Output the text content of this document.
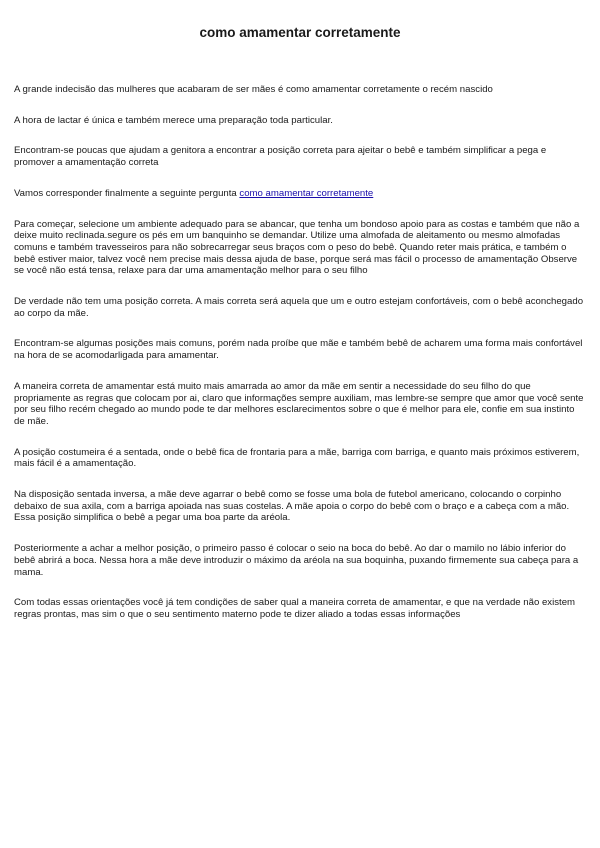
como amamentar corretamente

A grande indecisão das mulheres que acabaram de ser mães é como amamentar corretamente o recém nascido

A hora de lactar é única e também merece uma preparação toda particular.

Encontram-se poucas que ajudam a genitora a encontrar a posição correta para ajeitar o bebê e também simplificar a pega e promover a amamentação correta

Vamos corresponder finalmente a seguinte pergunta como amamentar corretamente

Para começar, selecione um ambiente adequado para se abancar, que tenha um bondoso apoio para as costas e também que não a deixe muito reclinada.segure os pés em um banquinho se demandar. Utilize uma almofada de aleitamento ou mesmo almofadas comuns e também travesseiros para não sobrecarregar seus braços com o peso do bebê. Quando reter mais prática, e também o bebê estiver maior, talvez você nem precise mais dessa ajuda de base, porque será mas fácil o processo de amamentação Observe se você não está tensa, relaxe para dar uma amamentação melhor para o seu filho

De verdade não tem uma posição correta. A mais correta será aquela que um e outro estejam confortáveis, com o bebê aconchegado ao corpo da mãe.

Encontram-se algumas posições mais comuns, porém nada proíbe que mãe e também bebê de acharem uma forma mais confortável na hora de se acomodarligada para amamentar.

A maneira correta de amamentar está muito mais amarrada ao amor da mãe em sentir a necessidade do seu filho do que propriamente as regras que colocam por ai, claro que informações sempre auxiliam, mas lembre-se sempre que amor que você sente por seu filho recém chegado ao mundo pode te dar melhores esclarecimentos sobre o que é melhor para ele, confie em sua instinto de mãe.

A posição costumeira é a sentada, onde o bebê fica de frontaria para a mãe, barriga com barriga, e quanto mais próximos estiverem, mais fácil é a amamentação.

Na disposição sentada inversa, a mãe deve agarrar o bebê como se fosse uma bola de futebol americano, colocando o corpinho debaixo de sua axila, com a barriga apoiada nas suas costelas. A mãe apoia o corpo do bebê com o braço e a cabeça com a mão. Essa posição simplifica o bebê a pegar uma boa parte da aréola.

Posteriormente a achar a melhor posição, o primeiro passo é colocar o seio na boca do bebê. Ao dar o mamilo no lábio inferior do bebê abrirá a boca. Nessa hora a mãe deve introduzir o máximo da aréola na sua boquinha, puxando firmemente sua cabeça para a mama.

Com todas essas orientações você já tem condições de saber qual a maneira correta de amamentar, e que na verdade não existem regras prontas, mas sim o que o seu sentimento materno pode te dizer aliado a todas essas informações
